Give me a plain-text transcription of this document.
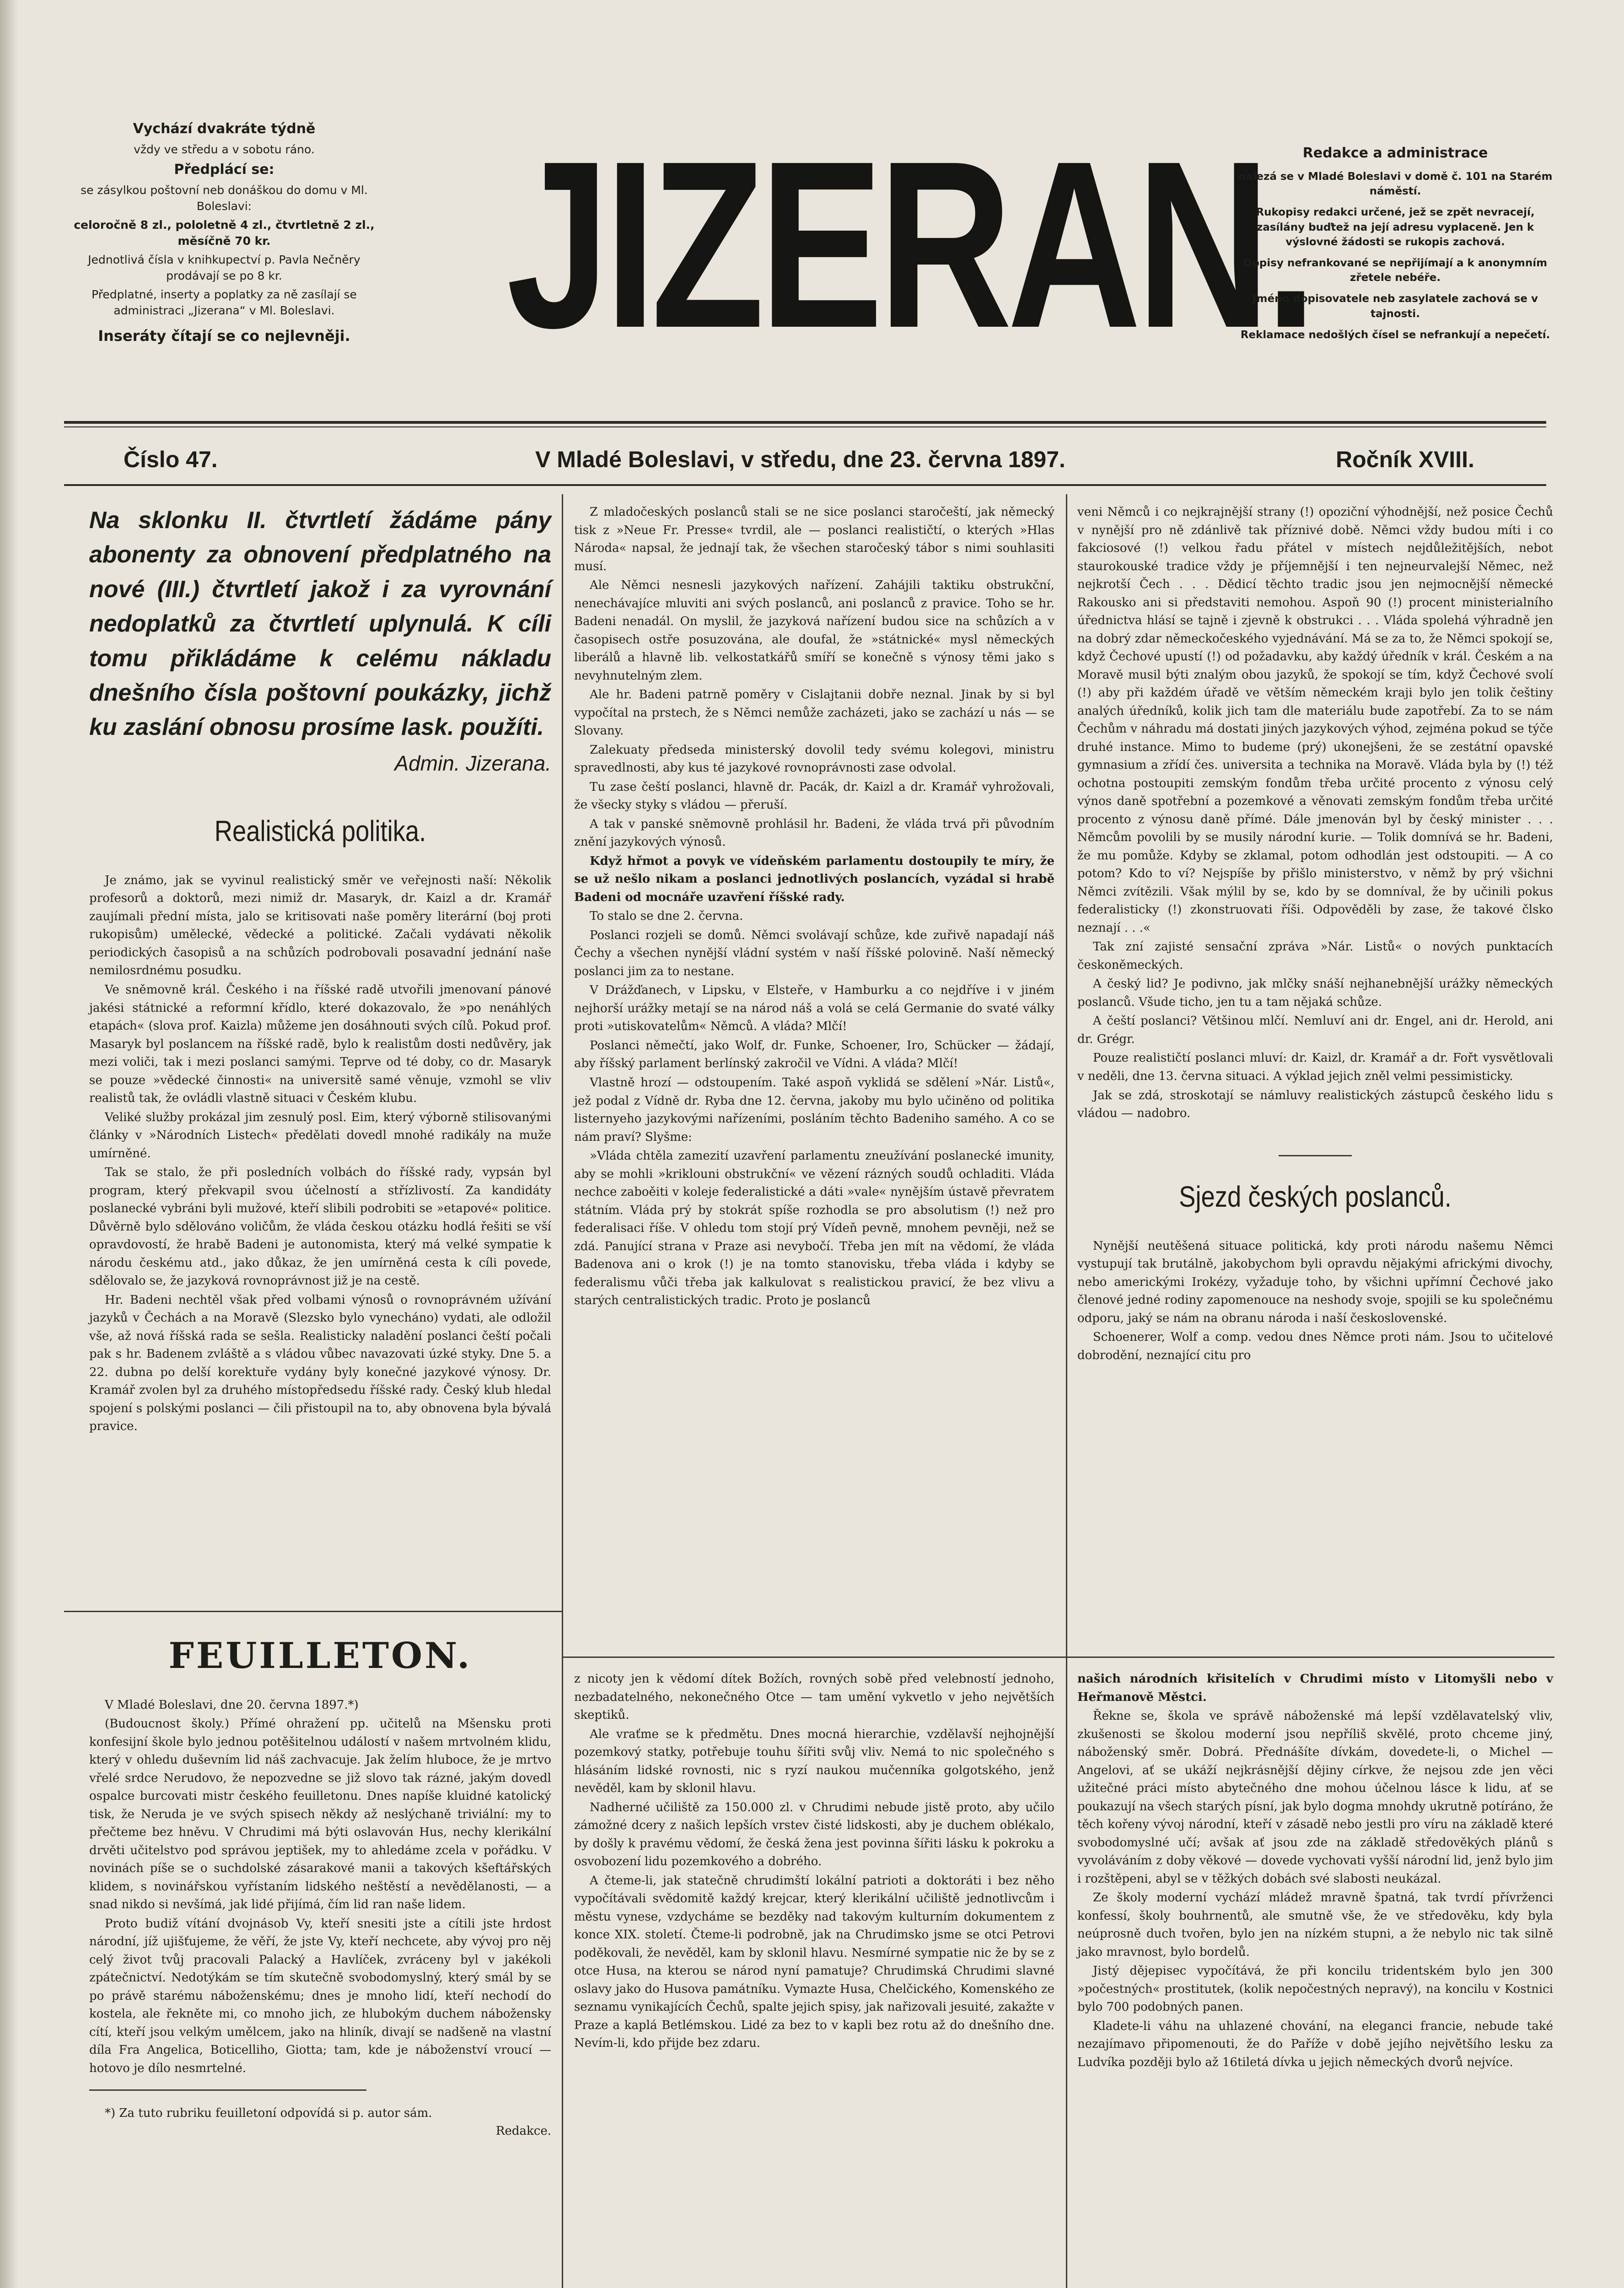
Vychází dvakráte týdně

vždy ve středu a v sobotu ráno.

Předplácí se:

se zásylkou poštovní neb donáškou do domu v Ml. Boleslavi:

celoročně 8 zl., pololetně 4 zl., čtvrtletně 2 zl., měsíčně 70 kr.

Jednotlivá čísla v knihkupectví p. Pavla Nečněry prodávají se po 8 kr.

Předplatné, inserty a poplatky za ně zasílají se administraci „Jizerana“ v Ml. Boleslavi.

Inseráty čítají se co nejlevněji. JIZERAN.

Redakce a administrace

nalezá se v Mladé Boleslavi v domě č. 101 na Starém náměstí.

Rukopisy redakci určené, jež se zpět nevracejí, zasílány buďtež na její adresu vyplaceně. Jen k výslovné žádosti se rukopis zachová.

Dopisy nefrankované se nepřijímají a k anonymním zřetele nebéře.

Jméno dopisovatele neb zasylatele zachová se v tajnosti.

Reklamace nedošlých čísel se nefrankují a nepečetí.

Číslo 47.	V Mladé Boleslavi, v středu, dne 23. června 1897.	Ročník XVIII.
Na sklonku II. čtvrtletí žádáme pány abonenty za obnovení předplatného na nové (III.) čtvrtletí jakož i za vyrovnání nedoplatků za čtvrtletí uplynulá. K cíli tomu přikládáme k celému nákladu dnešního čísla poštovní poukázky, jichž ku zaslání obnosu prosíme lask. použíti.
Admin. Jizerana.
Realistická politika.

Je známo, jak se vyvinul realistický směr ve veřejnosti naší: Několik profesorů a doktorů, mezi nimiž dr. Masaryk, dr. Kaizl a dr. Kramář zaujímali přední místa, jalo se kritisovati naše poměry literární (boj proti rukopisům) umělecké, vědecké a politické. Začali vydávati několik periodických časopisů a na schůzích podrobovali posavadní jednání naše nemilosrdnému posudku.

Ve sněmovně král. Českého i na říšské radě utvořili jmenovaní pánové jakési státnické a reformní křídlo, které dokazovalo, že »po nenáhlých etapách« (slova prof. Kaizla) můžeme jen dosáhnouti svých cílů. Pokud prof. Masaryk byl poslancem na říšské radě, bylo k realistům dosti nedůvěry, jak mezi voliči, tak i mezi poslanci samými. Teprve od té doby, co dr. Masaryk se pouze »vědecké činnosti« na universitě samé věnuje, vzmohl se vliv realistů tak, že ovládli vlastně situaci v Českém klubu.

Veliké služby prokázal jim zesnulý posl. Eim, který výborně stilisovanými články v »Národních Listech« předělati dovedl mnohé radikály na muže umírněné.

Tak se stalo, že při posledních volbách do říšské rady, vypsán byl program, který překvapil svou účelností a střízlivostí. Za kandidáty poslanecké vybráni byli mužové, kteří slibili podrobiti se »etapové« politice. Důvěrně bylo sdělováno voličům, že vláda českou otázku hodlá řešiti se vší opravdovostí, že hrabě Badeni je autonomista, který má velké sympatie k národu českému atd., jako důkaz, že jen umírněná cesta k cíli povede, sdělovalo se, že jazyková rovnoprávnost již je na cestě.

Hr. Badeni nechtěl však před volbami výnosů o rovnoprávném užívání jazyků v Čechách a na Moravě (Slezsko bylo vynecháno) vydati, ale odložil vše, až nová říšská rada se sešla. Realisticky naladění poslanci čeští počali pak s hr. Badenem zvláště a s vládou vůbec navazovati úzké styky. Dne 5. a 22. dubna po delší korektuře vydány byly konečné jazykové výnosy. Dr. Kramář zvolen byl za druhého místopředsedu říšské rady. Český klub hledal spojení s polskými poslanci — čili přistoupil na to, aby obnovena byla bývalá pravice.

Z mladočeských poslanců stali se ne sice poslanci staročeští, jak německý tisk z »Neue Fr. Presse« tvrdil, ale — poslanci realističtí, o kterých »Hlas Národa« napsal, že jednají tak, že všechen staročeský tábor s nimi souhlasiti musí.

Ale Němci nesnesli jazykových nařízení. Zahájili taktiku obstrukční, nenechávajíce mluviti ani svých poslanců, ani poslanců z pravice. Toho se hr. Badeni nenadál. On myslil, že jazyková nařízení budou sice na schůzích a v časopisech ostře posuzována, ale doufal, že »státnické« mysl německých liberálů a hlavně lib. velkostatkářů smíří se konečně s výnosy těmi jako s nevyhnutelným zlem.

Ale hr. Badeni patrně poměry v Cislajtanii dobře neznal. Jinak by si byl vypočítal na prstech, že s Němci nemůže zacházeti, jako se zachází u nás — se Slovany.

Zalekuaty předseda ministerský dovolil tedy svému kolegovi, ministru spravedlnosti, aby kus té jazykové rovnoprávnosti zase odvolal.

Tu zase čeští poslanci, hlavně dr. Pacák, dr. Kaizl a dr. Kramář vyhrožovali, že všecky styky s vládou — přeruší.

A tak v panské sněmovně prohlásil hr. Badeni, že vláda trvá při původním znění jazykových výnosů.

Když hřmot a povyk ve vídeňském parlamentu dostoupily te míry, že se už nešlo nikam a poslanci jednotlivých poslancích, vyzádal si hrabě Badeni od mocnáře uzavření říšské rady.

To stalo se dne 2. června.

Poslanci rozjeli se domů. Němci svolávají schůze, kde zuřivě napadají náš Čechy a všechen nynější vládní systém v naší říšské polovině. Naší německý poslanci jim za to nestane.

V Drážďanech, v Lipsku, v Elsteře, v Hamburku a co nejdříve i v jiném nejhorší urážky metají se na národ náš a volá se celá Germanie do svaté války proti »utiskovatelům« Němců. A vláda? Mlčí!

Poslanci němečtí, jako Wolf, dr. Funke, Schoener, Iro, Schücker — žádají, aby říšský parlament berlínský zakročil ve Vídni. A vláda? Mlčí!

Vlastně hrozí — odstoupením. Také aspoň vyklidá se sdělení »Nár. Listů«, jež podal z Vídně dr. Ryba dne 12. června, jakoby mu bylo učiněno od politika listernyeho jazykovými nařízeními, posláním těchto Badeniho samého. A co se nám praví? Slyšme:

»Vláda chtěla zamezití uzavření parlamentu zneužívání poslanecké imunity, aby se mohli »kriklouni obstrukční« ve vězení rázných soudů ochladiti. Vláda nechce zaboěiti v koleje federalistické a dáti »vale« nynějším ústavě převratem státním. Vláda prý by stokrát spíše rozhodla se pro absolutism (!) než pro federalisaci říše. V ohledu tom stojí prý Vídeň pevně, mnohem pevněji, než se zdá. Panující strana v Praze asi nevybočí. Třeba jen mít na vědomí, že vláda Badenova ani o krok (!) je na tomto stanovisku, třeba vláda i kdyby se federalismu vůči třeba jak kalkulovat s realistickou pravicí, že bez vlivu a starých centralistických tradic. Proto je poslanců

veni Němců i co nejkrajnější strany (!) opoziční výhodnější, než posice Čechů v nynější pro ně zdánlivě tak příznivé době. Němci vždy budou míti i co fakciosové (!) velkou řadu přátel v místech nejdůležitějších, nebot staurokouské tradice vždy je příjemnější i ten nejneurvalejší Němec, než nejkrotší Čech . . . Dědicí těchto tradic jsou jen nejmocnější německé Rakousko ani si představiti nemohou. Aspoň 90 (!) procent ministerialního úřednictva hlásí se tajně i zjevně k obstrukci . . . Vláda spolehá výhradně jen na dobrý zdar německočeského vyjednávání. Má se za to, že Němci spokojí se, když Čechové upustí (!) od požadavku, aby každý úředník v král. Českém a na Moravě musil býti znalým obou jazyků, že spokojí se tím, když Čechové svolí (!) aby při každém úřadě ve větším německém kraji bylo jen tolik češtiny analých úředníků, kolik jich tam dle materiálu bude zapotřebí. Za to se nám Čechům v náhradu má dostati jiných jazykových výhod, zejména pokud se týče druhé instance. Mimo to budeme (prý) ukonejšeni, že se zestátní opavské gymnasium a zřídí čes. universita a technika na Moravě. Vláda byla by (!) též ochotna postoupiti zemským fondům třeba určité procento z výnosu celý výnos daně spotřební a pozemkové a věnovati zemským fondům třeba určité procento z výnosu daně přímé. Dále jmenován byl by český minister . . . Němcům povolili by se musily národní kurie. — Tolik domnívá se hr. Badeni, že mu pomůže. Kdyby se zklamal, potom odhodlán jest odstoupiti. — A co potom? Kdo to ví? Nejspíše by přišlo ministerstvo, v němž by prý všichni Němci zvítězili. Však mýlil by se, kdo by se domníval, že by učinili pokus federalisticky (!) zkonstruovati říši. Odpověděli by zase, že takové člsko neznají . . .«

Tak zní zajisté sensační zpráva »Nár. Listů« o nových punktacích českoněmeckých.

A český lid? Je podivno, jak mlčky snáší nejhanebnější urážky německých poslanců. Všude ticho, jen tu a tam nějaká schůze.

A čeští poslanci? Většinou mlčí. Nemluví ani dr. Engel, ani dr. Herold, ani dr. Grégr.

Pouze realističtí poslanci mluví: dr. Kaizl, dr. Kramář a dr. Fořt vysvětlovali v neděli, dne 13. června situaci. A výklad jejich zněl velmi pessimisticky.

Jak se zdá, stroskotají se námluvy realistických zástupců českého lidu s vládou — nadobro.

Sjezd českých poslanců.

Nynější neutěšená situace politická, kdy proti národu našemu Němci vystupují tak brutálně, jakobychom byli opravdu nějakými africkými divochy, nebo americkými Irokézy, vyžaduje toho, by všichni upřímní Čechové jako členové jedné rodiny zapomenouce na neshody svoje, spojili se ku společnému odporu, jaký se nám na obranu národa i naší československé.

Schoenerer, Wolf a comp. vedou dnes Němce proti nám. Jsou to učitelové dobrodění, neznající citu pro

FEUILLETON.

V Mladé Boleslavi, dne 20. června 1897.*)

(Budoucnost školy.) Přímé ohražení pp. učitelů na Mšensku proti konfesijní škole bylo jednou potěšitelnou událostí v našem mrtvolném klidu, který v ohledu duševním lid náš zachvacuje. Jak želím hluboce, že je mrtvo vřelé srdce Nerudovo, že nepozvedne se již slovo tak rázné, jakým dovedl ospalce burcovati mistr českého feuilletonu. Dnes napíše kluidné katolický tisk, že Neruda je ve svých spisech někdy až neslýchaně triviální: my to přečteme bez hněvu. V Chrudimi má býti oslavován Hus, nechy klerikální drvěti učitelstvo pod správou jeptišek, my to ahledáme zcela v pořádku. V novinách píše se o suchdolské zásarakové manii a takových kšeftářských klidem, s novinářskou vyřístaním lidského neštěstí a nevědělanosti, — a snad nikdo si nevšímá, jak lidé přijímá, čím lid ran naše lidem.

Proto budiž vítání dvojnásob Vy, kteří snesiti jste a cítili jste hrdost národní, jíž ujišťujeme, že věří, že jste Vy, kteří nechcete, aby vývoj pro něj celý život tvůj pracovali Palacký a Havlíček, zvráceny byl v jakékoli zpátečnictví. Nedotýkám se tím skutečně svobodomyslný, který smál by se po právě starému náboženskému; dnes je mnoho lidí, kteří nechodí do kostela, ale řekněte mi, co mnoho jich, ze hlubokým duchem nábožensky cítí, kteří jsou velkým umělcem, jako na hliník, divají se nadšeně na vlastní díla Fra Angelica, Boticelliho, Giotta; tam, kde je náboženství vroucí — hotovo je dílo nesmrtelné.

*) Za tuto rubriku feuilletoní odpovídá si p. autor sám.
Redakce.

z nicoty jen k vědomí dítek Božích, rovných sobě před velebností jednoho, nezbadatelného, nekonečného Otce — tam umění vykvetlo v jeho největších skeptiků.

Ale vraťme se k předmětu. Dnes mocná hierarchie, vzdělavší nejhojnější pozemkový statky, potřebuje touhu šířiti svůj vliv. Nemá to nic společného s hlásáním lidské rovnosti, nic s ryzí naukou mučenníka golgotského, jenž nevěděl, kam by sklonil hlavu.

Nadherné učiliště za 150.000 zl. v Chrudimi nebude jistě proto, aby učilo zámožné dcery z našich lepších vrstev čisté lidskosti, aby je duchem oblékalo, by došly k pravému vědomí, že česká žena jest povinna šířiti lásku k pokroku a osvobození lidu pozemkového a dobrého.

A čteme-li, jak statečně chrudimští lokální patrioti a doktoráti i bez něho vypočítávali svědomitě každý krejcar, který klerikální učiliště jednotlivcům i městu vynese, vzdycháme se bezděky nad takovým kulturním dokumentem z konce XIX. století. Čteme-li podrobně, jak na Chrudimsko jsme se otci Petrovi poděkovali, že nevěděl, kam by sklonil hlavu. Nesmírné sympatie nic že by se z otce Husa, na kterou se národ nyní pamatuje? Chrudimská Chrudimi slavné oslavy jako do Husova památníku. Vymazte Husa, Chelčického, Komenského ze seznamu vynikajících Čechů, spalte jejich spisy, jak nařizovali jesuité, zakažte v Praze a kaplá Betlémskou. Lidé za bez to v kapli bez rotu až do dnešního dne. Nevím-li, kdo přijde bez zdaru.

našich národních křisitelích v Chrudimi místo v Litomyšli nebo v Heřmanově Městci.

Řekne se, škola ve správě náboženské má lepší vzdělavatelský vliv, zkušenosti se školou moderní jsou nepříliš skvělé, proto chceme jiný, náboženský směr. Dobrá. Přednášíte dívkám, dovedete-li, o Michel — Angelovi, ať se ukáží nejkrásnější dějiny církve, že nejsou zde jen věci užitečné práci místo abytečného dne mohou účelnou lásce k lidu, ať se poukazují na všech starých písní, jak bylo dogma mnohdy ukrutně potíráno, že těch kořeny vývoj národní, kteří v zásadě nebo jestli pro víru na základě které svobodomyslné učí; avšak ať jsou zde na základě středověkých plánů s vyvoláváním z doby věkové — dovede vychovati vyšší národní lid, jenž bylo jim i rozštěpeni, abyl se v těžkých dobách své slabosti neukázal.

Ze školy moderní vychází mládež mravně špatná, tak tvrdí přívrženci konfessí, školy bouhrnentů, ale smutně vše, že ve středověku, kdy byla neúprosně duch tvořen, bylo jen na nízkém stupni, a že nebylo nic tak silně jako mravnost, bylo bordelů.

Jistý dějepisec vypočítává, že při koncilu tridentském bylo jen 300 »počestných« prostitutek, (kolik nepočestných nepravý), na koncilu v Kostnici bylo 700 podobných panen.

Kladete-li váhu na uhlazené chování, na eleganci francie, nebude také nezajímavo připomenouti, že do Paříže v době jejího největšího lesku za Ludvíka později bylo až 16tiletá dívka u jejich německých dvorů nejvíce.
